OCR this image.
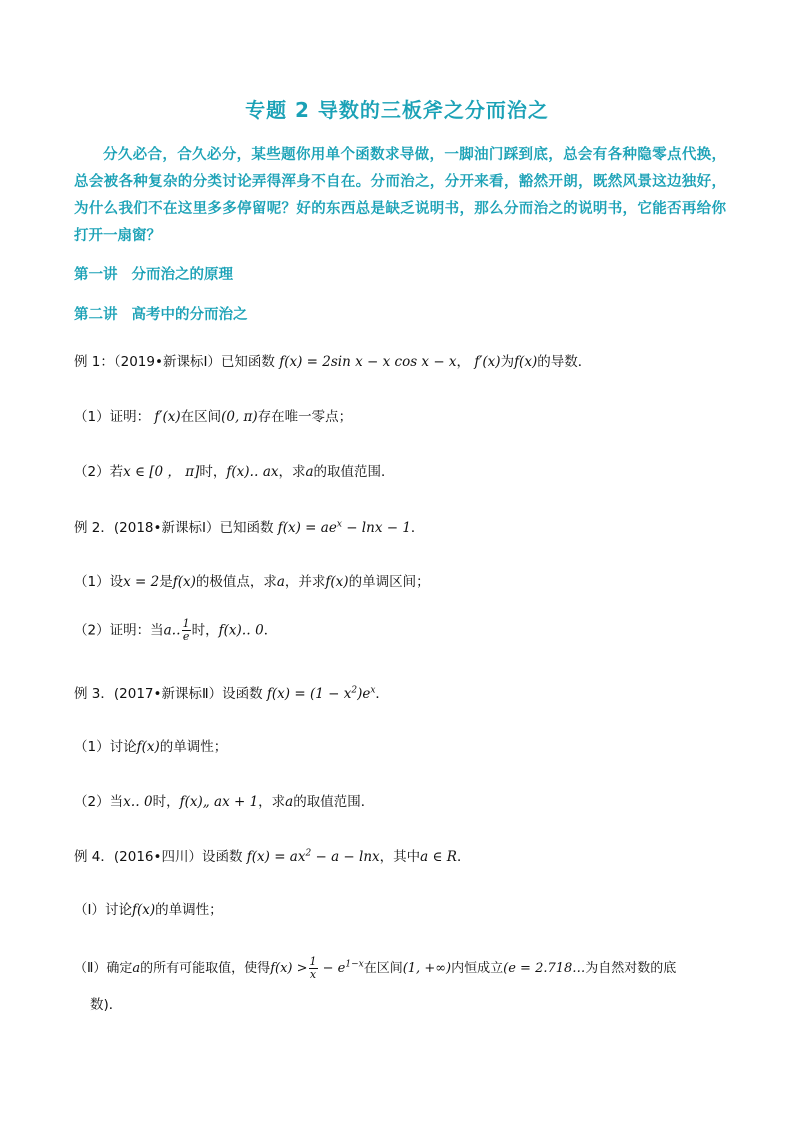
专题 2 导数的三板斧之分而治之
分久必合，合久必分，某些题你用单个函数求导做，一脚油门踩到底，总会有各种隐零点代换，总会被各种复杂的分类讨论弄得浑身不自在。分而治之，分开来看，豁然开朗，既然风景这边独好，为什么我们不在这里多多停留呢？好的东西总是缺乏说明书，那么分而治之的说明书，它能否再给你打开一扇窗？
第一讲 分而治之的原理
第二讲 高考中的分而治之
例 1：（2019•新课标Ⅰ）已知函数 f(x) = 2sin x − x cos x − x， f′(x)为f(x)的导数．
（1）证明： f′(x)在区间(0, π)存在唯一零点；
（2）若x ∈ [0 ， π]时，f(x)‥ ax，求a的取值范围．
例 2．(2018•新课标Ⅰ）已知函数 $f(x) = ae^x - \ln x - 1$．
（1）设x = 2是f(x)的极值点，求a，并求f(x)的单调区间；
（2）证明：当a‥ $\frac{1}{e}$ 时，f(x)‥ 0．
例 3．(2017•新课标Ⅱ）设函数 $f(x) = (1 - x^2)e^x$．
（1）讨论f(x)的单调性；
（2）当x‥ 0时，f(x)„ ax + 1，求a的取值范围．
例 4．(2016•四川）设函数 $f(x) = ax^2 - a - \ln x$，其中a ∈ R．
（Ⅰ）讨论f(x)的单调性；
（Ⅱ）确定a的所有可能取值，使得$f(x) > \frac{1}{x} - e^{1-x}$在区间(1, +∞)内恒成立(e = 2.718…为自然对数的底
数)．
